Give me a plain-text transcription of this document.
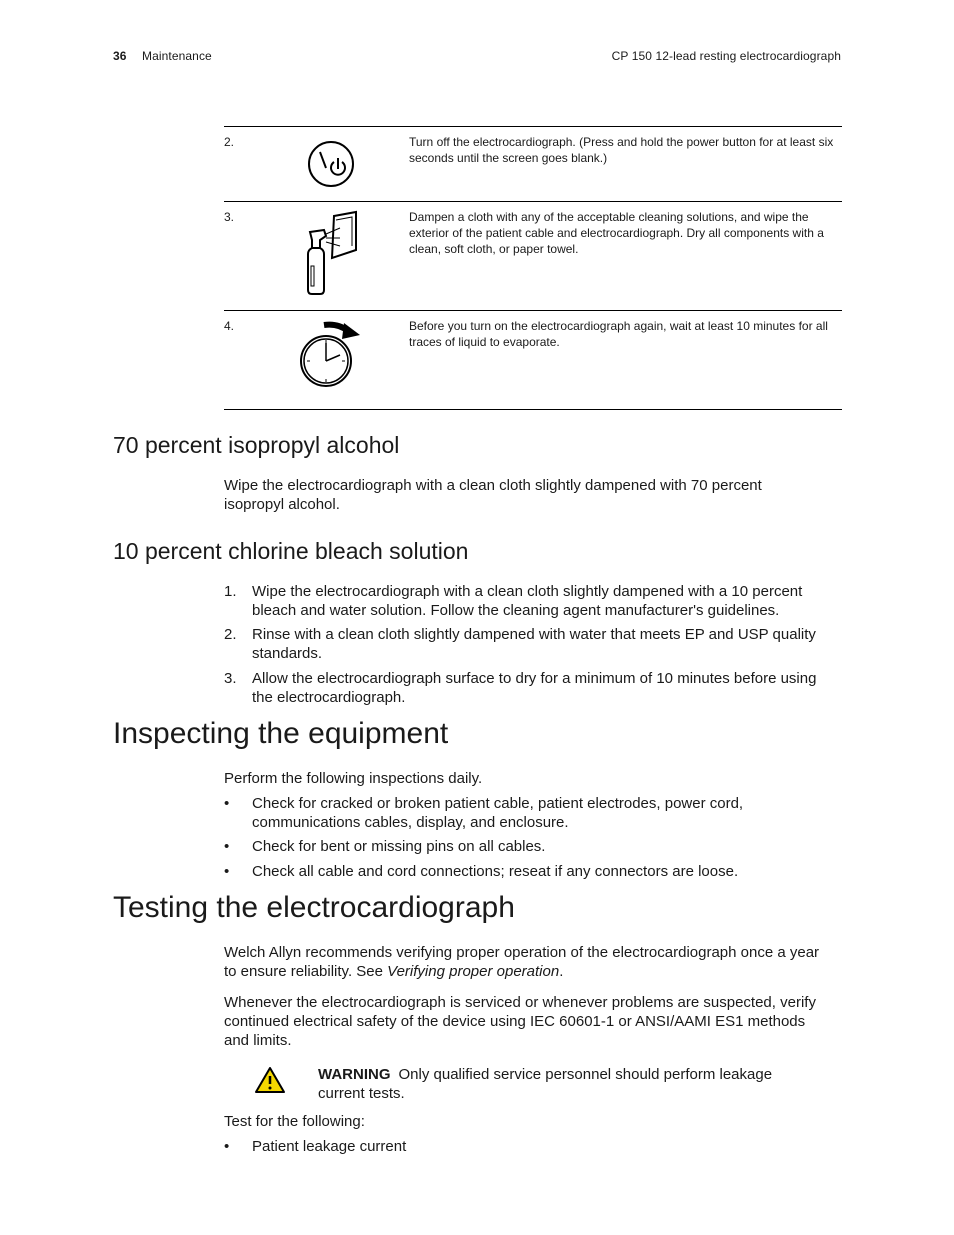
36 Maintenance	CP 150 12-lead resting electrocardiograph
2.	Turn off the electrocardiograph. (Press and hold the power button for at least six seconds until the screen goes blank.)
3.	Dampen a cloth with any of the acceptable cleaning solutions, and wipe the exterior of the patient cable and electrocardiograph. Dry all components with a clean, soft cloth, or paper towel.
4.	Before you turn on the electrocardiograph again, wait at least 10 minutes for all traces of liquid to evaporate.
70 percent isopropyl alcohol

Wipe the electrocardiograph with a clean cloth slightly dampened with 70 percent isopropyl alcohol.

10 percent chlorine bleach solution
1. Wipe the electrocardiograph with a clean cloth slightly dampened with a 10 percent bleach and water solution. Follow the cleaning agent manufacturer's guidelines.
2. Rinse with a clean cloth slightly dampened with water that meets EP and USP quality standards.
3. Allow the electrocardiograph surface to dry for a minimum of 10 minutes before using the electrocardiograph.
Inspecting the equipment

Perform the following inspections daily.

• Check for cracked or broken patient cable, patient electrodes, power cord, communications cables, display, and enclosure.
• Check for bent or missing pins on all cables.
• Check all cable and cord connections; reseat if any connectors are loose.
Testing the electrocardiograph

Welch Allyn recommends verifying proper operation of the electrocardiograph once a year to ensure reliability. See Verifying proper operation.

Whenever the electrocardiograph is serviced or whenever problems are suspected, verify continued electrical safety of the device using IEC 60601-1 or ANSI/AAMI ES1 methods and limits.

WARNING Only qualified service personnel should perform leakage current tests.

Test for the following:

• Patient leakage current
